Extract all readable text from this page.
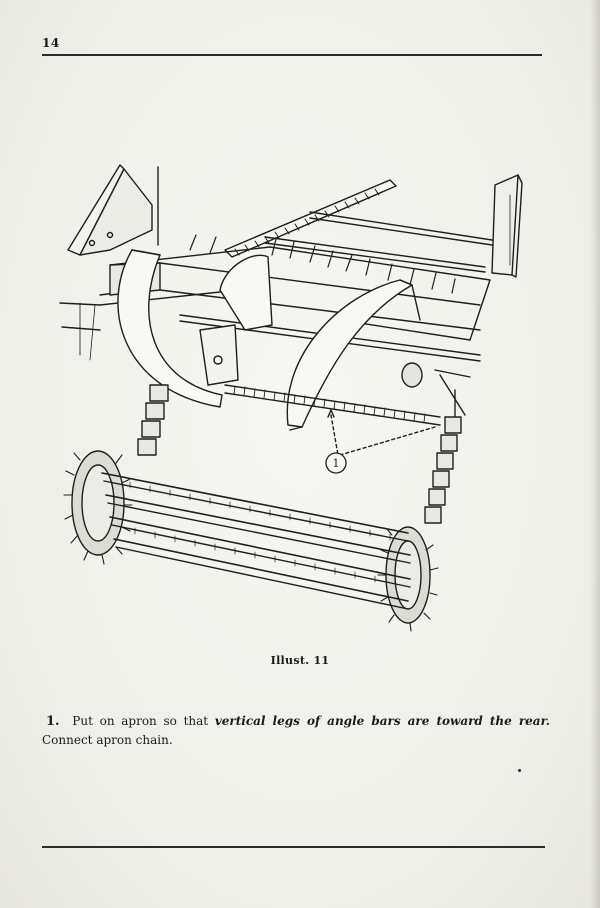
14
1
Illust. 11

1. Put on apron so that vertical legs of angle bars are toward the rear. Connect apron chain.
